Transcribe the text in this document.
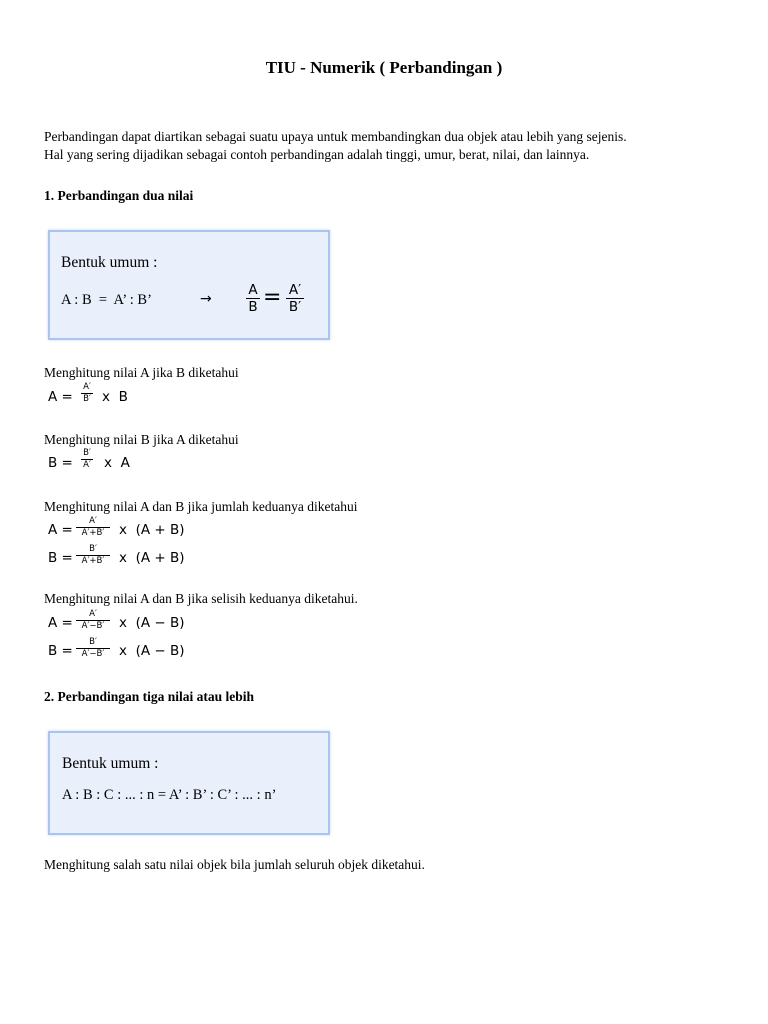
TIU - Numerik ( Perbandingan )
Perbandingan dapat diartikan sebagai suatu upaya untuk membandingkan dua objek atau lebih yang sejenis.
Hal yang sering dijadikan sebagai contoh perbandingan adalah tinggi, umur, berat, nilai, dan lainnya.
1. Perbandingan dua nilai
Bentuk umum :
A : B  =  A’ : B’	→
A
B = A′
B′
Menghitung nilai A jika B diketahui
A =
A′
B′ x  B
Menghitung nilai B jika A diketahui
B =
B′
A′ x  A
Menghitung nilai A dan B jika jumlah keduanya diketahui
A =
A′
A′+B′ x  (A + B)
B =
B′
A′+B′ x  (A + B)
Menghitung nilai A dan B jika selisih keduanya diketahui.
A =
A′
A′−B′ x  (A − B)
B =
B′
A′−B′ x  (A − B)
2. Perbandingan tiga nilai atau lebih
Bentuk umum :
A : B : C : ... : n = A’ : B’ : C’ : ... : n’
Menghitung salah satu nilai objek bila jumlah seluruh objek diketahui.
